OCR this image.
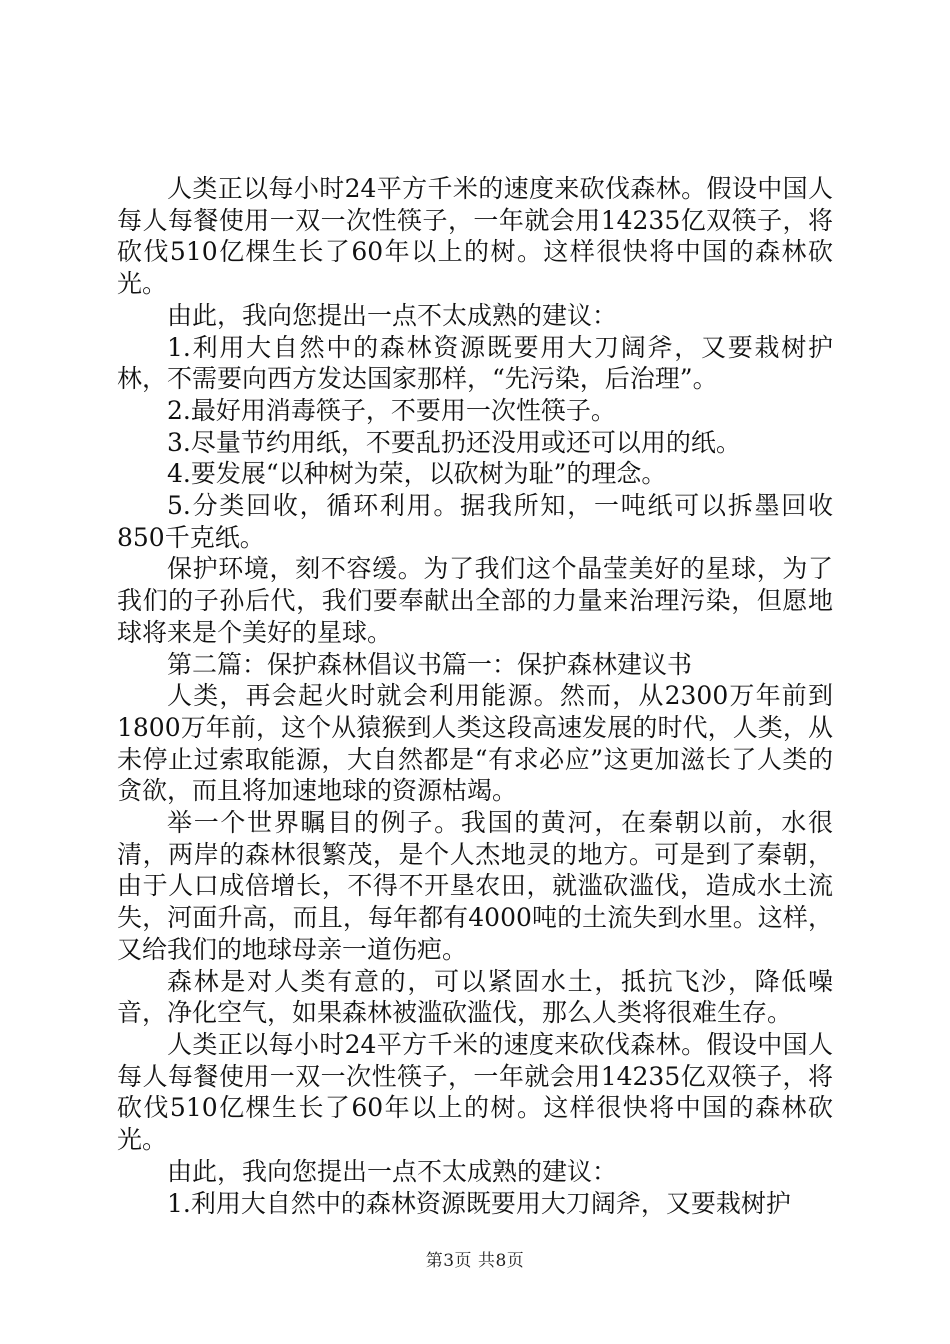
人类正以每小时24平方千米的速度来砍伐森林。假设中国人每人每餐使用一双一次性筷子，一年就会用14235亿双筷子，将砍伐510亿棵生长了60年以上的树。这样很快将中国的森林砍光。

由此，我向您提出一点不太成熟的建议：

1.利用大自然中的森林资源既要用大刀阔斧，又要栽树护林，不需要向西方发达国家那样，“先污染，后治理”。

2.最好用消毒筷子，不要用一次性筷子。

3.尽量节约用纸，不要乱扔还没用或还可以用的纸。

4.要发展“以种树为荣，以砍树为耻”的理念。

5.分类回收，循环利用。据我所知，一吨纸可以拆墨回收850千克纸。

保护环境，刻不容缓。为了我们这个晶莹美好的星球，为了我们的子孙后代，我们要奉献出全部的力量来治理污染，但愿地球将来是个美好的星球。

第二篇：保护森林倡议书篇一：保护森林建议书

人类，再会起火时就会利用能源。然而，从2300万年前到1800万年前，这个从猿猴到人类这段高速发展的时代，人类，从未停止过索取能源，大自然都是“有求必应”这更加滋长了人类的贪欲，而且将加速地球的资源枯竭。

举一个世界瞩目的例子。我国的黄河，在秦朝以前，水很清，两岸的森林很繁茂，是个人杰地灵的地方。可是到了秦朝，由于人口成倍增长，不得不开垦农田，就滥砍滥伐，造成水土流失，河面升高，而且，每年都有4000吨的土流失到水里。这样，又给我们的地球母亲一道伤疤。

森林是对人类有意的，可以紧固水土，抵抗飞沙，降低噪音，净化空气，如果森林被滥砍滥伐，那么人类将很难生存。

人类正以每小时24平方千米的速度来砍伐森林。假设中国人每人每餐使用一双一次性筷子，一年就会用14235亿双筷子，将砍伐510亿棵生长了60年以上的树。这样很快将中国的森林砍光。

由此，我向您提出一点不太成熟的建议：

1.利用大自然中的森林资源既要用大刀阔斧，又要栽树护

第3页 共8页
